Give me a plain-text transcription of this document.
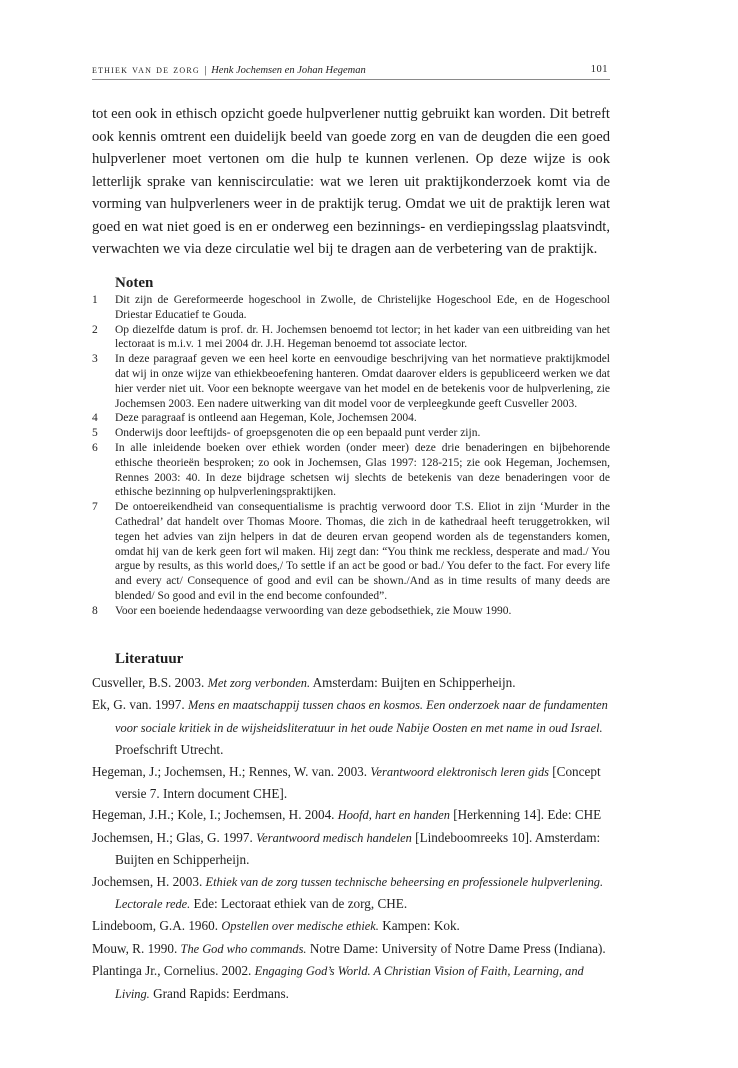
ethiek van de zorg | Henk Jochemsen en Johan Hegeman	101

tot een ook in ethisch opzicht goede hulpverlener nuttig gebruikt kan worden. Dit betreft ook kennis omtrent een duidelijk beeld van goede zorg en van de deugden die een goed hulpverlener moet vertonen om die hulp te kunnen verlenen. Op deze wijze is ook letterlijk sprake van kenniscirculatie: wat we leren uit praktijkonderzoek komt via de vorming van hulpverleners weer in de praktijk terug. Omdat we uit de praktijk leren wat goed en wat niet goed is en er onderweg een bezinnings- en verdiepingsslag plaatsvindt, verwachten we via deze circulatie wel bij te dragen aan de verbetering van de praktijk.

Noten
1 Dit zijn de Gereformeerde hogeschool in Zwolle, de Christelijke Hogeschool Ede, en de Hogeschool Driestar Educatief te Gouda.
2 Op diezelfde datum is prof. dr. H. Jochemsen benoemd tot lector; in het kader van een uitbreiding van het lectoraat is m.i.v. 1 mei 2004 dr. J.H. Hegeman benoemd tot associate lector.
3 In deze paragraaf geven we een heel korte en eenvoudige beschrijving van het normatieve praktijkmodel dat wij in onze wijze van ethiekbeoefening hanteren. Omdat daarover elders is gepubliceerd werken we dat hier verder niet uit. Voor een beknopte weergave van het model en de betekenis voor de hulpverlening, zie Jochemsen 2003. Een nadere uitwerking van dit model voor de verpleegkunde geeft Cusveller 2003.
4 Deze paragraaf is ontleend aan Hegeman, Kole, Jochemsen 2004.
5 Onderwijs door leeftijds- of groepsgenoten die op een bepaald punt verder zijn.
6 In alle inleidende boeken over ethiek worden (onder meer) deze drie benaderingen en bijbehorende ethische theorieën besproken; zo ook in Jochemsen, Glas 1997: 128-215; zie ook Hegeman, Jochemsen, Rennes 2003: 40. In deze bijdrage schetsen wij slechts de betekenis van deze benaderingen voor de ethische bezinning op hulpverleningspraktijken.
7 De ontoereikendheid van consequentialisme is prachtig verwoord door T.S. Eliot in zijn ‘Murder in the Cathedral’ dat handelt over Thomas Moore. Thomas, die zich in de kathedraal heeft teruggetrokken, wil tegen het advies van zijn helpers in dat de deuren ervan geopend worden als de tegenstanders komen, omdat hij van de kerk geen fort wil maken. Hij zegt dan: “You think me reckless, desperate and mad./ You argue by results, as this world does,/ To settle if an act be good or bad./ You defer to the fact. For every life and every act/ Consequence of good and evil can be shown./And as in time results of many deeds are blended/ So good and evil in the end become confounded”.
8 Voor een boeiende hedendaagse verwoording van deze gebodsethiek, zie Mouw 1990.
Literatuur
Cusveller, B.S. 2003. Met zorg verbonden. Amsterdam: Buijten en Schipperheijn.
Ek, G. van. 1997. Mens en maatschappij tussen chaos en kosmos. Een onderzoek naar de fundamenten voor sociale kritiek in de wijsheidsliteratuur in het oude Nabije Oosten en met name in oud Israel. Proefschrift Utrecht.
Hegeman, J.; Jochemsen, H.; Rennes, W. van. 2003. Verantwoord elektronisch leren gids [Concept versie 7. Intern document CHE].
Hegeman, J.H.; Kole, I.; Jochemsen, H. 2004. Hoofd, hart en handen [Herkenning 14]. Ede: CHE
Jochemsen, H.; Glas, G. 1997. Verantwoord medisch handelen [Lindeboomreeks 10]. Amsterdam: Buijten en Schipperheijn.
Jochemsen, H. 2003. Ethiek van de zorg tussen technische beheersing en professionele hulpverlening. Lectorale rede. Ede: Lectoraat ethiek van de zorg, CHE.
Lindeboom, G.A. 1960. Opstellen over medische ethiek. Kampen: Kok.
Mouw, R. 1990. The God who commands. Notre Dame: University of Notre Dame Press (Indiana).
Plantinga Jr., Cornelius. 2002. Engaging God’s World. A Christian Vision of Faith, Learning, and Living. Grand Rapids: Eerdmans.
